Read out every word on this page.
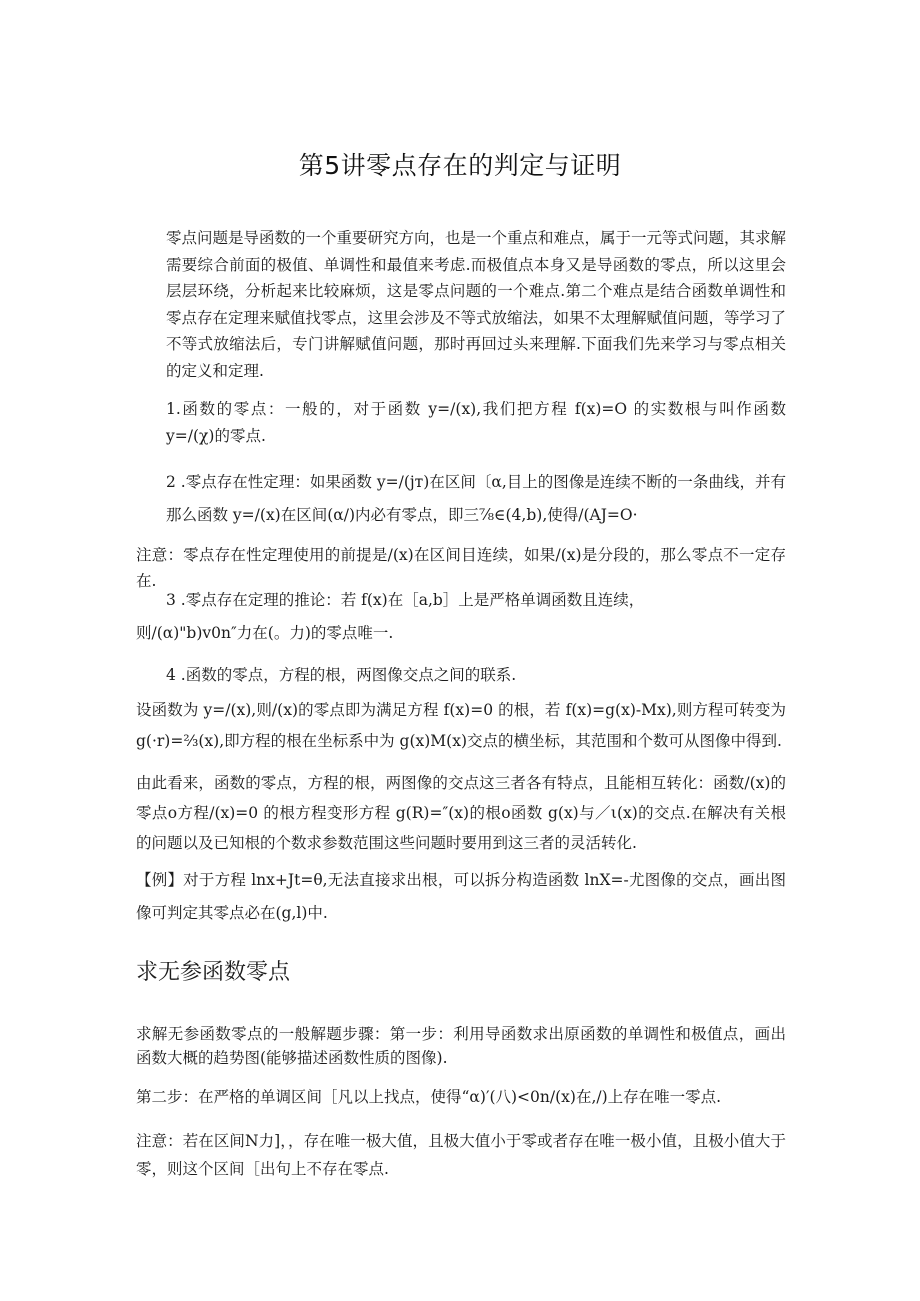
第5讲零点存在的判定与证明

零点问题是导函数的一个重要研究方向，也是一个重点和难点，属于一元等式问题，其求解需要综合前面的极值、单调性和最值来考虑.而极值点本身又是导函数的零点，所以这里会层层环绕，分析起来比较麻烦，这是零点问题的一个难点.第二个难点是结合函数单调性和零点存在定理来赋值找零点，这里会涉及不等式放缩法，如果不太理解赋值问题，等学习了不等式放缩法后，专门讲解赋值问题，那时再回过头来理解.下面我们先来学习与零点相关的定义和定理.

1.函数的零点：一般的，对于函数 y=/(x),我们把方程 f(x)=O 的实数根与叫作函数 y=/(χ)的零点.

2 .零点存在性定理：如果函数 y=/(jт)在区间〔α,目上的图像是连续不断的一条曲线，并有那么函数 y=/(x)在区间(α/)内必有零点，即三⅞∈(4,b),使得/(AJ=O·

注意：零点存在性定理使用的前提是/(x)在区间目连续，如果/(x)是分段的，那么零点不一定存在.

3 .零点存在定理的推论：若 f(x)在［a,b］上是严格单调函数且连续，

则/(α)"b)v0n″力在(。力)的零点唯一.

4 .函数的零点，方程的根，两图像交点之间的联系.

设函数为 y=/(x),则/(x)的零点即为满足方程 f(x)=0 的根，若 f(x)=g(x)-Mx),则方程可转变为 g(·r)=⅔(x),即方程的根在坐标系中为 g(x)M(x)交点的横坐标，其范围和个数可从图像中得到.

由此看来，函数的零点，方程的根，两图像的交点这三者各有特点，且能相互转化：函数/(x)的零点ο方程/(x)=0 的根方程变形方程 g(R)=″(x)的根ο函数 g(x)与／ι(x)的交点.在解决有关根的问题以及已知根的个数求参数范围这些问题时要用到这三者的灵活转化.

【例】对于方程 lnx+Jt=θ,无法直接求出根，可以拆分构造函数 lnX=-尤图像的交点，画出图像可判定其零点必在(g,l)中.

求无参函数零点

求解无参函数零点的一般解题步骤：第一步：利用导函数求出原函数的单调性和极值点，画出函数大概的趋势图(能够描述函数性质的图像).

第二步：在严格的单调区间［凡以上找点，使得“α)′(八)<0n/(x)在,/)上存在唯一零点.

注意：若在区间N力]，，存在唯一极大值，且极大值小于零或者存在唯一极小值，且极小值大于零，则这个区间［出句上不存在零点.
